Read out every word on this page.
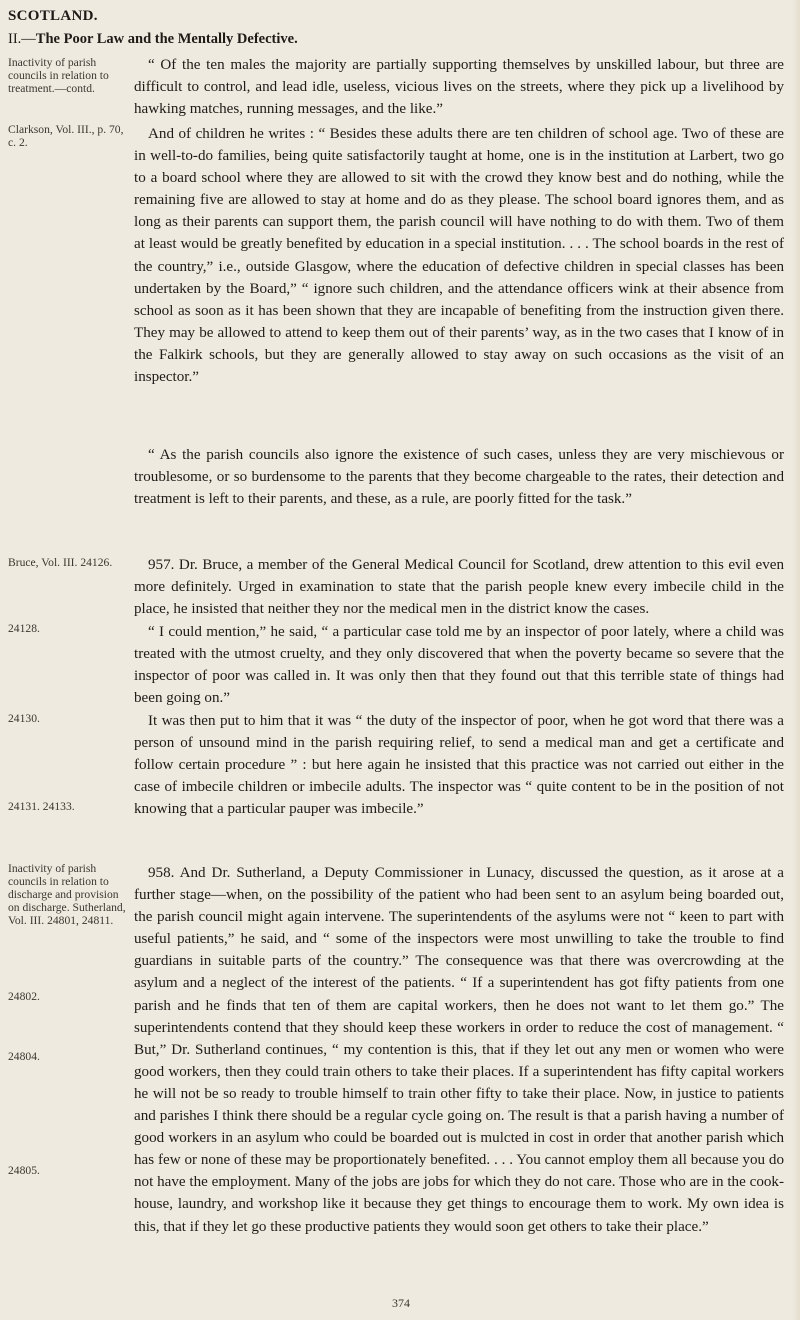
SCOTLAND.
II.—The Poor Law and the Mentally Defective.
Inactivity of parish councils in relation to treatment.—contd.
Clarkson, Vol. III., p. 70, c. 2.
Bruce, Vol. III. 24126.
24128.
24130.
24131. 24133.
Inactivity of parish councils in relation to discharge and provision on discharge. Sutherland, Vol. III. 24801, 24811.
24802.
24804.
24805.

“ Of the ten males the majority are partially supporting themselves by unskilled labour, but three are difficult to control, and lead idle, useless, vicious lives on the streets, where they pick up a livelihood by hawking matches, running messages, and the like.”

And of children he writes : “ Besides these adults there are ten children of school age. Two of these are in well-to-do families, being quite satisfactorily taught at home, one is in the institution at Larbert, two go to a board school where they are allowed to sit with the crowd they know best and do nothing, while the remaining five are allowed to stay at home and do as they please. The school board ignores them, and as long as their parents can support them, the parish council will have nothing to do with them. Two of them at least would be greatly benefited by education in a special institution. . . . The school boards in the rest of the country,” i.e., outside Glasgow, where the education of defective children in special classes has been undertaken by the Board,” “ ignore such children, and the attendance officers wink at their absence from school as soon as it has been shown that they are incapable of benefiting from the instruction given there. They may be allowed to attend to keep them out of their parents’ way, as in the two cases that I know of in the Falkirk schools, but they are generally allowed to stay away on such occasions as the visit of an inspector.”

“ As the parish councils also ignore the existence of such cases, unless they are very mischievous or troublesome, or so burdensome to the parents that they become chargeable to the rates, their detection and treatment is left to their parents, and these, as a rule, are poorly fitted for the task.”

957. Dr. Bruce, a member of the General Medical Council for Scotland, drew attention to this evil even more definitely. Urged in examination to state that the parish people knew every imbecile child in the place, he insisted that neither they nor the medical men in the district know the cases.

“ I could mention,” he said, “ a particular case told me by an inspector of poor lately, where a child was treated with the utmost cruelty, and they only discovered that when the poverty became so severe that the inspector of poor was called in. It was only then that they found out that this terrible state of things had been going on.”

It was then put to him that it was “ the duty of the inspector of poor, when he got word that there was a person of unsound mind in the parish requiring relief, to send a medical man and get a certificate and follow certain procedure ” : but here again he insisted that this practice was not carried out either in the case of imbecile children or imbecile adults. The inspector was “ quite content to be in the position of not knowing that a particular pauper was imbecile.”

958. And Dr. Sutherland, a Deputy Commissioner in Lunacy, discussed the question, as it arose at a further stage—when, on the possibility of the patient who had been sent to an asylum being boarded out, the parish council might again intervene. The superintendents of the asylums were not “ keen to part with useful patients,” he said, and “ some of the inspectors were most unwilling to take the trouble to find guardians in suitable parts of the country.” The consequence was that there was overcrowding at the asylum and a neglect of the interest of the patients. “ If a superintendent has got fifty patients from one parish and he finds that ten of them are capital workers, then he does not want to let them go.” The superintendents contend that they should keep these workers in order to reduce the cost of management. “ But,” Dr. Sutherland continues, “ my contention is this, that if they let out any men or women who were good workers, then they could train others to take their places. If a superintendent has fifty capital workers he will not be so ready to trouble himself to train other fifty to take their place. Now, in justice to patients and parishes I think there should be a regular cycle going on. The result is that a parish having a number of good workers in an asylum who could be boarded out is mulcted in cost in order that another parish which has few or none of these may be proportionately benefited. . . . You cannot employ them all because you do not have the employment. Many of the jobs are jobs for which they do not care. Those who are in the cook-house, laundry, and workshop like it because they get things to encourage them to work. My own idea is this, that if they let go these productive patients they would soon get others to take their place.”

374
